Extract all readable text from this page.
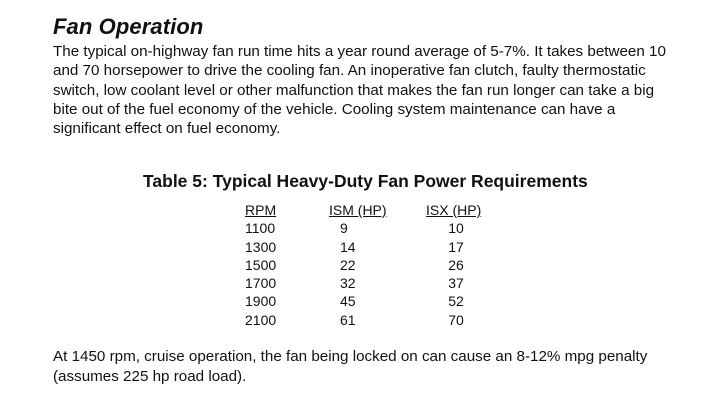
Fan Operation
The typical on-highway fan run time hits a year round average of 5-7%. It takes between 10
and 70 horsepower to drive the cooling fan. An inoperative fan clutch, faulty thermostatic
switch, low coolant level or other malfunction that makes the fan run longer can take a big
bite out of the fuel economy of the vehicle. Cooling system maintenance can have a
significant effect on fuel economy.
Table 5: Typical Heavy-Duty Fan Power Requirements
RPM
1100
1300
1500
1700
1900
2100
ISM (HP)
9
14
22
32
45
61
ISX (HP)
10
17
26
37
52
70
At 1450 rpm, cruise operation, the fan being locked on can cause an 8-12% mpg penalty
(assumes 225 hp road load).
